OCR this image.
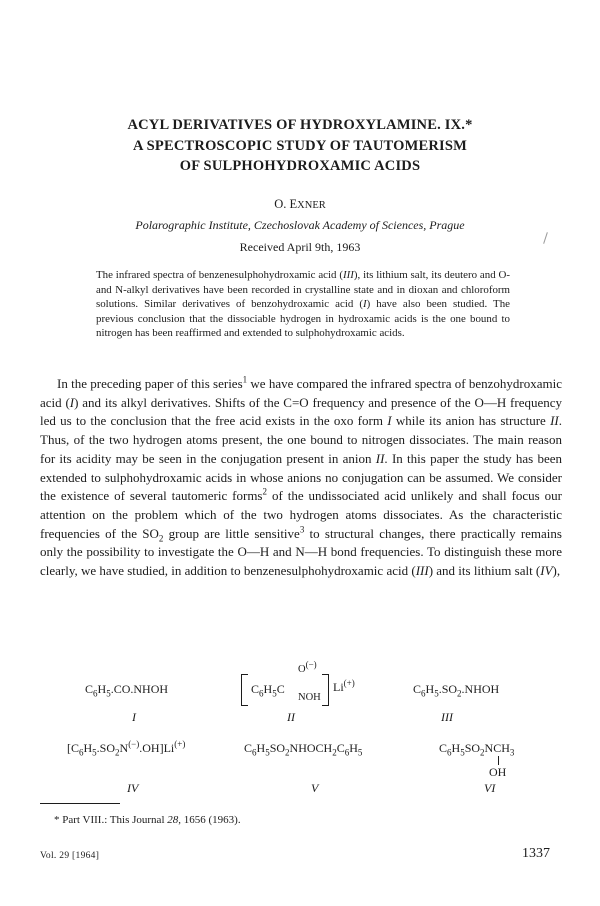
ACYL DERIVATIVES OF HYDROXYLAMINE. IX.*
A SPECTROSCOPIC STUDY OF TAUTOMERISM
OF SULPHOHYDROXAMIC ACIDS
O. EXNER
Polarographic Institute, Czechoslovak Academy of Sciences, Prague
Received April 9th, 1963
The infrared spectra of benzenesulphohydroxamic acid (III), its lithium salt, its deutero and O- and N-alkyl derivatives have been recorded in crystalline state and in dioxan and chloroform solutions. Similar derivatives of benzohydroxamic acid (I) have also been studied. The previous conclusion that the dissociable hydrogen in hydroxamic acids is the one bound to nitrogen has been reaffirmed and extended to sulphohydroxamic acids.
In the preceding paper of this series$^1$ we have compared the infrared spectra of benzohydroxamic acid (I) and its alkyl derivatives. Shifts of the C=O frequency and presence of the O—H frequency led us to the conclusion that the free acid exists in the oxo form I while its anion has structure II. Thus, of the two hydrogen atoms present, the one bound to nitrogen dissociates. The main reason for its acidity may be seen in the conjugation present in anion II. In this paper the study has been extended to sulphohydroxamic acids in whose anions no conjugation can be assumed. We consider the existence of several tautomeric forms$^2$ of the undissociated acid unlikely and shall focus our attention on the problem which of the two hydrogen atoms dissociates. As the characteristic frequencies of the $SO_2$ group are little sensitive$^3$ to structural changes, there practically remains only the possibility to investigate the O—H and N—H bond frequencies. To distinguish these more clearly, we have studied, in addition to benzenesulphohydroxamic acid (III) and its lithium salt (IV),
$C_6H_5.CO.NHOH$
I
$C_6H_5C$
O(−)
NOH
Li(+)
II
$C_6H_5.SO_2.NHOH$
III
$[C_6H_5.SO_2N^{(-)}.OH]Li^{(+)}$
IV
$C_6H_5SO_2NHOCH_2C_6H_5$
V
$C_6H_5SO_2NCH_3$
OH
VI
* Part VIII.: This Journal 28, 1656 (1963).
Vol. 29 [1964]	1337
